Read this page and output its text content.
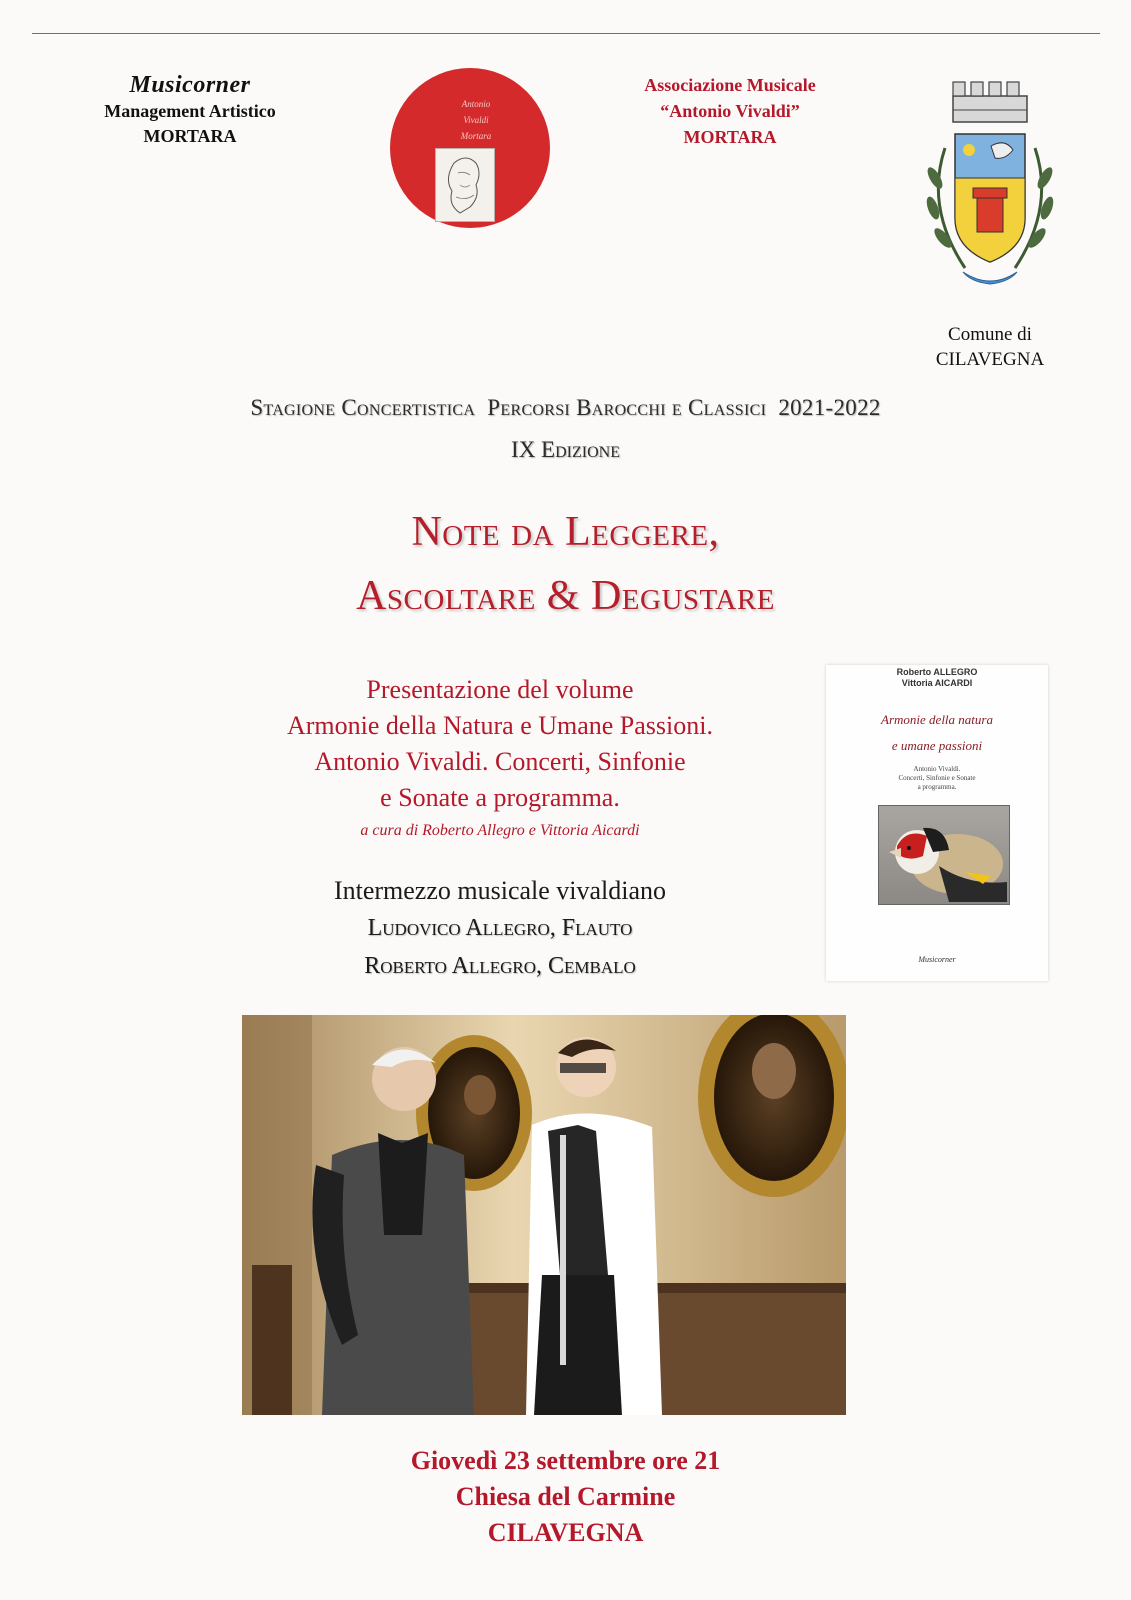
Musicorner
Management Artistico
MORTARA
Antonio
Vivaldi
Mortara
Associazione Musicale
“Antonio Vivaldi”
MORTARA
Comune di
CILAVEGNA
Stagione Concertistica  Percorsi Barocchi e Classici  2021-2022
IX Edizione
Note da Leggere,
Ascoltare & Degustare
Presentazione del volume
Armonie della Natura e Umane Passioni.
Antonio Vivaldi. Concerti, Sinfonie
e Sonate a programma.
a cura di Roberto Allegro e Vittoria Aicardi
Intermezzo musicale vivaldiano
Ludovico Allegro, Flauto
Roberto Allegro, Cembalo
Roberto ALLEGRO
Vittoria AICARDI
Armonie della natura
e umane passioni
Antonio Vivaldi.
Concerti, Sinfonie e Sonate
a programma.
Musicorner
Giovedì 23 settembre ore 21
Chiesa del Carmine
CILAVEGNA
